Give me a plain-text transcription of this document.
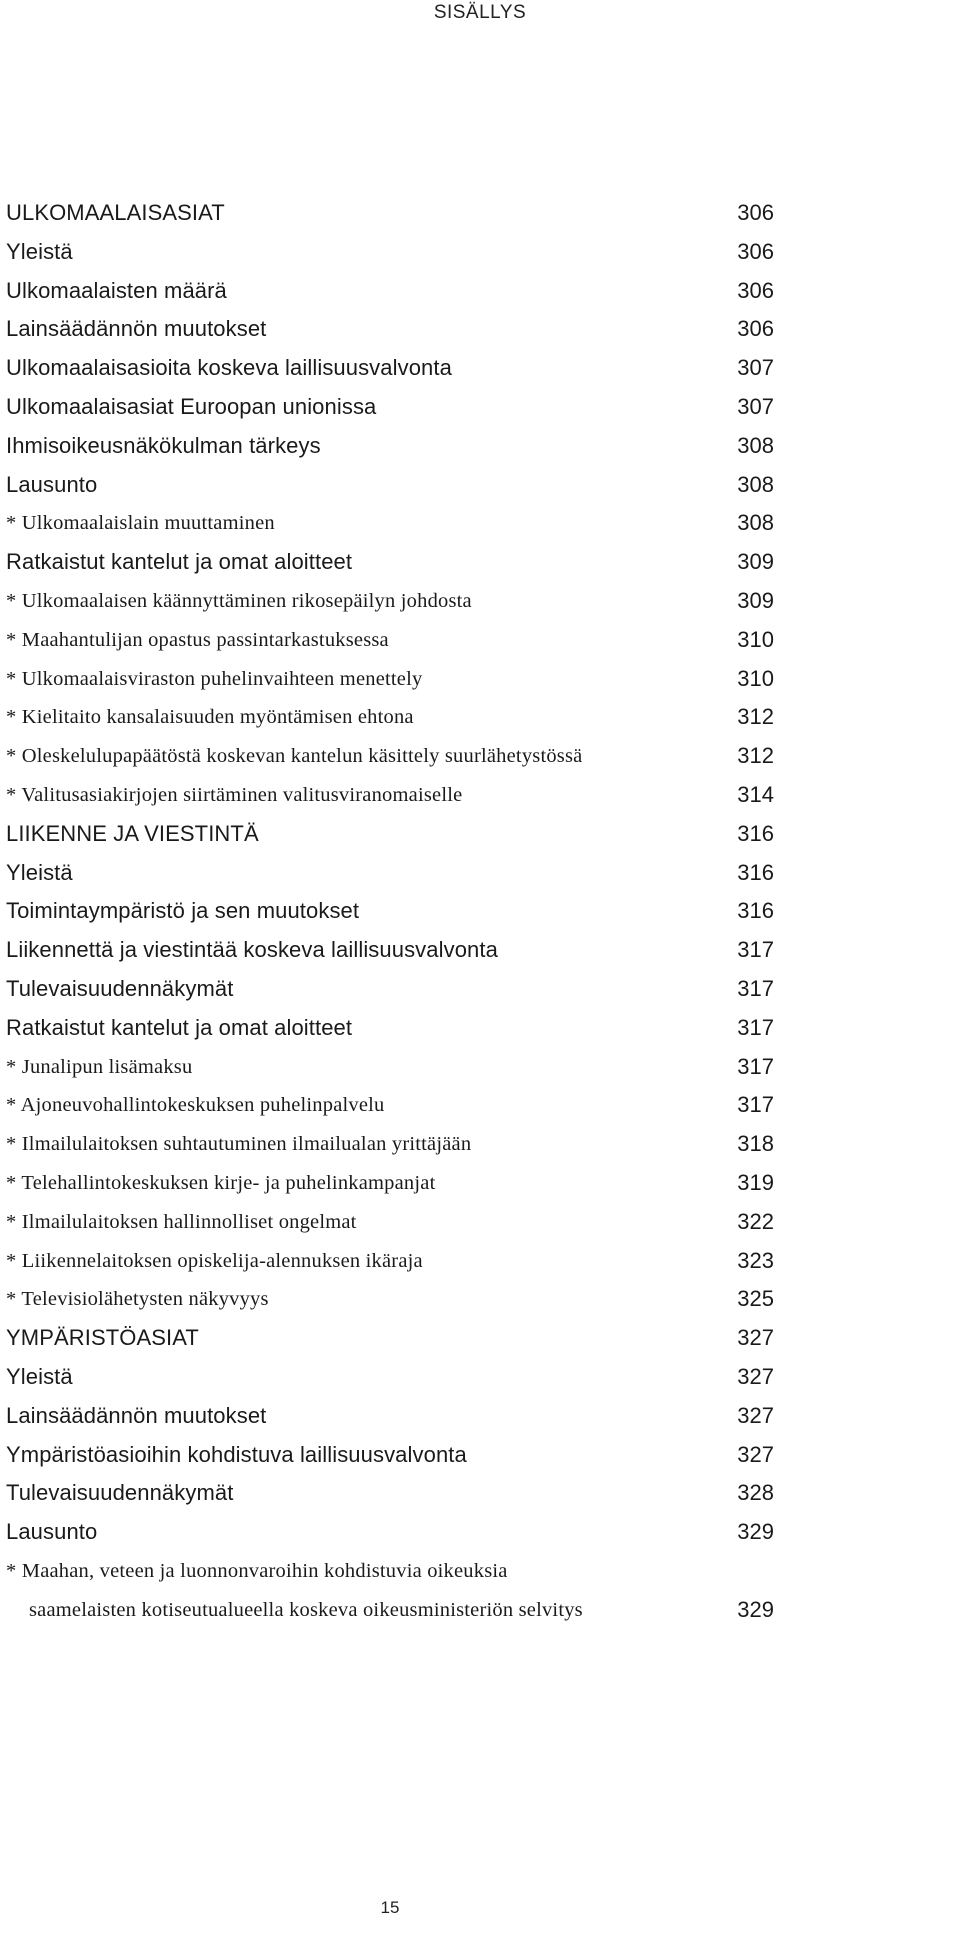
SISÄLLYS
ULKOMAALAISASIAT	306
Yleistä	306
Ulkomaalaisten määrä	306
Lainsäädännön muutokset	306
Ulkomaalaisasioita koskeva laillisuusvalvonta	307
Ulkomaalaisasiat Euroopan unionissa	307
Ihmisoikeusnäkökulman tärkeys	308
Lausunto	308
* Ulkomaalaislain muuttaminen	308
Ratkaistut kantelut ja omat aloitteet	309
* Ulkomaalaisen käännyttäminen rikosepäilyn johdosta	309
* Maahantulijan opastus passintarkastuksessa	310
* Ulkomaalaisviraston puhelinvaihteen menettely	310
* Kielitaito kansalaisuuden myöntämisen ehtona	312
* Oleskelulupapäätöstä koskevan kantelun käsittely suurlähetystössä	312
* Valitusasiakirjojen siirtäminen valitusviranomaiselle	314
LIIKENNE JA VIESTINTÄ	316
Yleistä	316
Toimintaympäristö ja sen muutokset	316
Liikennettä ja viestintää koskeva laillisuusvalvonta	317
Tulevaisuudennäkymät	317
Ratkaistut kantelut ja omat aloitteet	317
* Junalipun lisämaksu	317
* Ajoneuvohallintokeskuksen puhelinpalvelu	317
* Ilmailulaitoksen suhtautuminen ilmailualan yrittäjään	318
* Telehallintokeskuksen kirje- ja puhelinkampanjat	319
* Ilmailulaitoksen hallinnolliset ongelmat	322
* Liikennelaitoksen opiskelija-alennuksen ikäraja	323
* Televisiolähetysten näkyvyys	325
YMPÄRISTÖASIAT	327
Yleistä	327
Lainsäädännön muutokset	327
Ympäristöasioihin kohdistuva laillisuusvalvonta	327
Tulevaisuudennäkymät	328
Lausunto	329
* Maahan, veteen ja luonnonvaroihin kohdistuvia oikeuksia
saamelaisten kotiseutualueella koskeva oikeusministeriön selvitys	329
15
